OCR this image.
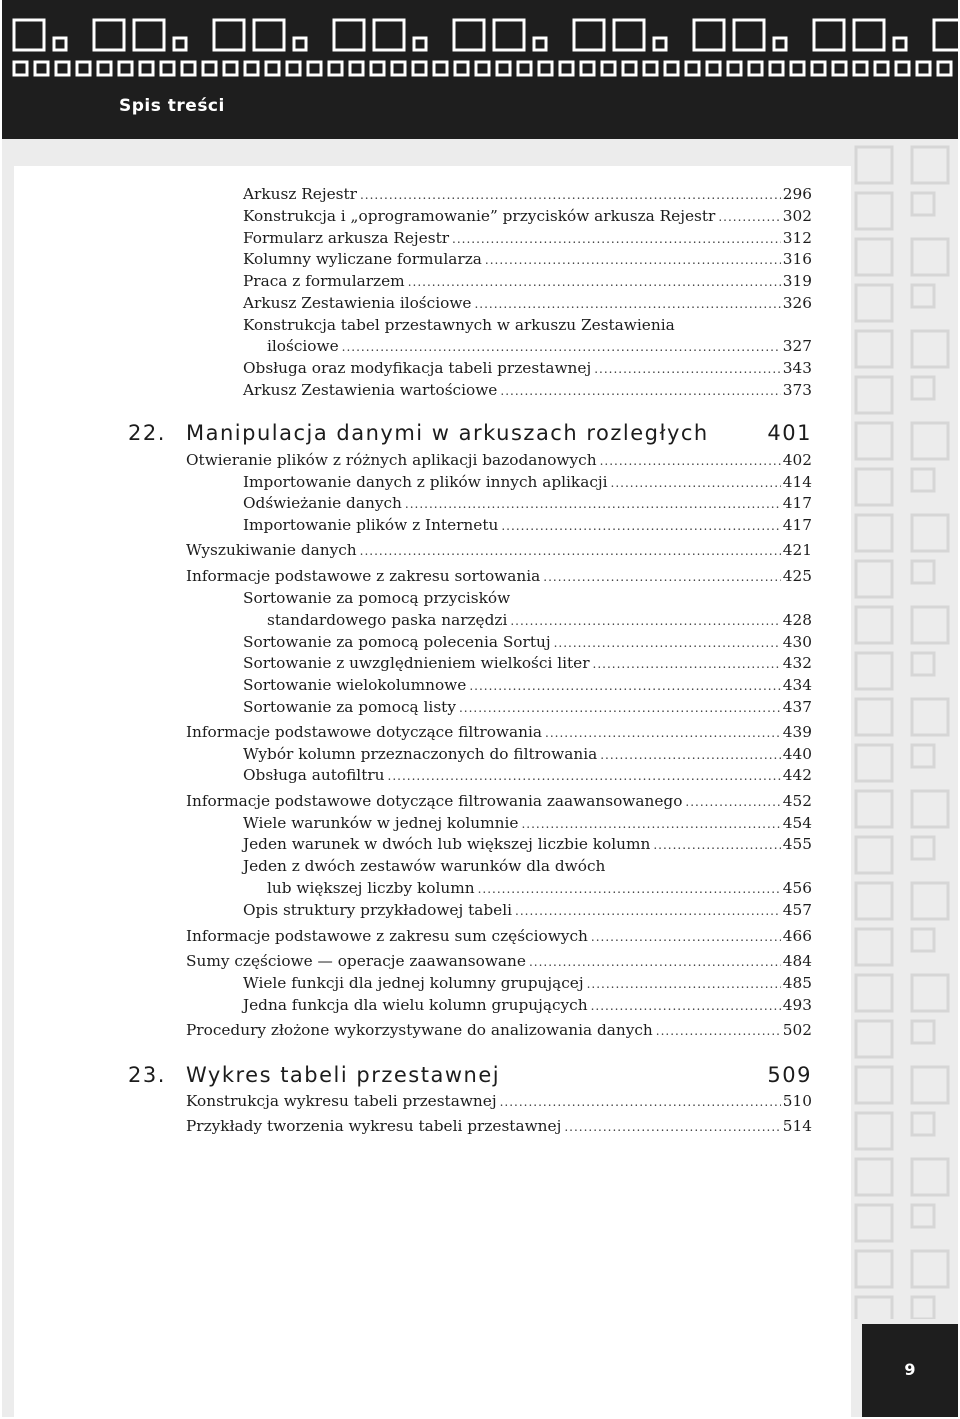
Spis treści
Arkusz Rejestr .....	296
Konstrukcja i „oprogramowanie” przycisków arkusza Rejestr .....	302
Formularz arkusza Rejestr .....	312
Kolumny wyliczane formularza .....	316
Praca z formularzem .....	319
Arkusz Zestawienia ilościowe .....	326
Konstrukcja tabel przestawnych w arkuszu Zestawienia
ilościowe .....	327
Obsługa oraz modyfikacja tabeli przestawnej .....	343
Arkusz Zestawienia wartościowe .....	373
22. Manipulacja danymi w arkuszach rozległych	401
Otwieranie plików z różnych aplikacji bazodanowych .....	402
Importowanie danych z plików innych aplikacji .....	414
Odświeżanie danych .....	417
Importowanie plików z Internetu .....	417
Wyszukiwanie danych .....	421
Informacje podstawowe z zakresu sortowania .....	425
Sortowanie za pomocą przycisków
standardowego paska narzędzi .....	428
Sortowanie za pomocą polecenia Sortuj .....	430
Sortowanie z uwzględnieniem wielkości liter .....	432
Sortowanie wielokolumnowe .....	434
Sortowanie za pomocą listy .....	437
Informacje podstawowe dotyczące filtrowania .....	439
Wybór kolumn przeznaczonych do filtrowania .....	440
Obsługa autofiltru .....	442
Informacje podstawowe dotyczące filtrowania zaawansowanego .....	452
Wiele warunków w jednej kolumnie .....	454
Jeden warunek w dwóch lub większej liczbie kolumn .....	455
Jeden z dwóch zestawów warunków dla dwóch
lub większej liczby kolumn .....	456
Opis struktury przykładowej tabeli .....	457
Informacje podstawowe z zakresu sum częściowych .....	466
Sumy częściowe — operacje zaawansowane .....	484
Wiele funkcji dla jednej kolumny grupującej .....	485
Jedna funkcja dla wielu kolumn grupujących .....	493
Procedury złożone wykorzystywane do analizowania danych .....	502
23. Wykres tabeli przestawnej	509
Konstrukcja wykresu tabeli przestawnej .....	510
Przykłady tworzenia wykresu tabeli przestawnej .....	514
9
